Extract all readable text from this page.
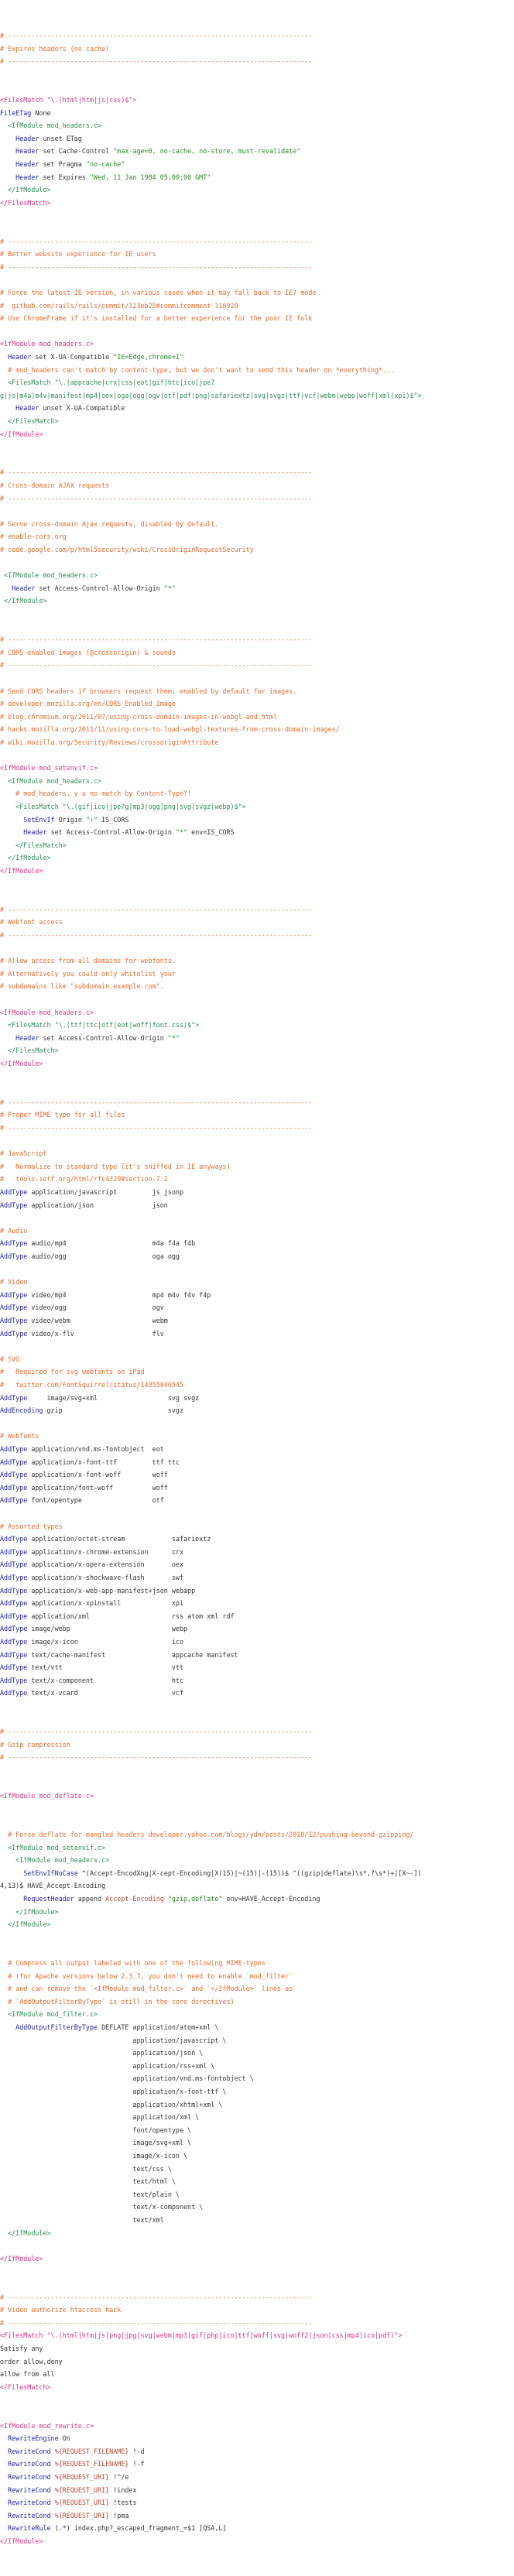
# ------------------------------------------------------------------------------
# Expires headers (no cache)
# ------------------------------------------------------------------------------
<FilesMatch "\.(html|htm|js|css)$">
FileETag None
<IfModule mod_headers.c>
Header unset ETag
Header set Cache-Control "max-age=0, no-cache, no-store, must-revalidate"
Header set Pragma "no-cache"
Header set Expires "Wed, 11 Jan 1984 05:00:00 GMT"
</IfModule>
</FilesMatch>
# ------------------------------------------------------------------------------
# Better website experience for IE users
# ------------------------------------------------------------------------------
# Force the latest IE version, in various cases when it may fall back to IE7 mode
#  github.com/rails/rails/commit/123eb25#commitcomment-118920
# Use ChromeFrame if it's installed for a better experience for the poor IE folk
<IfModule mod_headers.c>
Header set X-UA-Compatible "IE=Edge,chrome=1"
# mod_headers can't match by content-type, but we don't want to send this header on *everything*...
<FilesMatch "\.(appcache|crx|css|eot|gif|htc|ico|jpe?
g|js|m4a|m4v|manifest|mp4|oex|oga|ogg|ogv|otf|pdf|png|safariextz|svg|svgz|ttf|vcf|webm|webp|woff|xml|xpi)$">
Header unset X-UA-Compatible
</FilesMatch>
</IfModule>
# ------------------------------------------------------------------------------
# Cross-domain AJAX requests
# ------------------------------------------------------------------------------
# Serve cross-domain Ajax requests, disabled by default.
# enable-cors.org
# code.google.com/p/html5security/wiki/CrossOriginRequestSecurity
<IfModule mod_headers.c>
Header set Access-Control-Allow-Origin "*"
</IfModule>
# ------------------------------------------------------------------------------
# CORS-enabled images (@crossorigin) & sounds
# ------------------------------------------------------------------------------
# Send CORS headers if browsers request them; enabled by default for images.
# developer.mozilla.org/en/CORS_Enabled_Image
# blog.chromium.org/2011/07/using-cross-domain-images-in-webgl-and.html
# hacks.mozilla.org/2011/11/using-cors-to-load-webgl-textures-from-cross-domain-images/
# wiki.mozilla.org/Security/Reviews/crossoriginAttribute
<IfModule mod_setenvif.c>
<IfModule mod_headers.c>
# mod_headers, y u no match by Content-Type?!
<FilesMatch "\.(gif|ico|jpe?g|mp3|ogg|png|svg|svgz|webp)$">
SetEnvIf Origin ":" IS_CORS
Header set Access-Control-Allow-Origin "*" env=IS_CORS
</FilesMatch>
</IfModule>
</IfModule>
# ------------------------------------------------------------------------------
# Webfont access
# ------------------------------------------------------------------------------
# Allow access from all domains for webfonts.
# Alternatively you could only whitelist your
# subdomains like "subdomain.example.com".
<IfModule mod_headers.c>
<FilesMatch "\.(ttf|ttc|otf|eot|woff|font.css)$">
Header set Access-Control-Allow-Origin "*"
</FilesMatch>
</IfModule>
# ------------------------------------------------------------------------------
# Proper MIME type for all files
# ------------------------------------------------------------------------------
# JavaScript
#   Normalize to standard type (it's sniffed in IE anyways)
#   tools.ietf.org/html/rfc4329#section-7.2
AddType application/javascript         js jsonp
AddType application/json               json
# Audio
AddType audio/mp4                      m4a f4a f4b
AddType audio/ogg                      oga ogg
# Video
AddType video/mp4                      mp4 m4v f4v f4p
AddType video/ogg                      ogv
AddType video/webm                     webm
AddType video/x-flv                    flv
# SVG
#   Required for svg webfonts on iPad
#   twitter.com/FontSquirrel/status/14855840545
AddType     image/svg+xml                  svg svgz
AddEncoding gzip                           svgz
# Webfonts
AddType application/vnd.ms-fontobject  eot
AddType application/x-font-ttf         ttf ttc
AddType application/x-font-woff        woff
AddType application/font-woff          woff
AddType font/opentype                  otf
# Assorted types
AddType application/octet-stream            safariextz
AddType application/x-chrome-extension      crx
AddType application/x-opera-extension       oex
AddType application/x-shockwave-flash       swf
AddType application/x-web-app-manifest+json webapp
AddType application/x-xpinstall             xpi
AddType application/xml                     rss atom xml rdf
AddType image/webp                          webp
AddType image/x-icon                        ico
AddType text/cache-manifest                 appcache manifest
AddType text/vtt                            vtt
AddType text/x-component                    htc
AddType text/x-vcard                        vcf
# ------------------------------------------------------------------------------
# Gzip compression
# ------------------------------------------------------------------------------
<IfModule mod_deflate.c>
# Force deflate for mangled headers developer.yahoo.com/blogs/ydn/posts/2010/12/pushing-beyond-gzipping/
<IfModule mod_setenvif.c>
<IfModule mod_headers.c>
SetEnvIfNoCase ^(Accept-EncodXng|X-cept-Encoding|X(15)|~(15)|-(15))$ ^((gzip|deflate)\s*,?\s*)+|[X~-](
4,13)$ HAVE_Accept-Encoding
RequestHeader append Accept-Encoding "gzip,deflate" env=HAVE_Accept-Encoding
</IfModule>
</IfModule>
# Compress all output labeled with one of the following MIME-types
# (for Apache versions below 2.3.7, you don't need to enable `mod_filter`
# and can remove the `<IfModule mod_filter.c>` and `</IfModule>` lines as
# `AddOutputFilterByType` is still in the core directives)
<IfModule mod_filter.c>
AddOutputFilterByType DEFLATE application/atom+xml \
application/javascript \
application/json \
application/rss+xml \
application/vnd.ms-fontobject \
application/x-font-ttf \
application/xhtml+xml \
application/xml \
font/opentype \
image/svg+xml \
image/x-icon \
text/css \
text/html \
text/plain \
text/x-component \
text/xml
</IfModule>
</IfModule>
# ------------------------------------------------------------------------------
# Video authorize htaccess hack
# ------------------------------------------------------------------------------
<FilesMatch "\.(html|htm|js|png|jpg|svg|webm|mp3|gif|php|ico|ttf|woff|svg|woff2|json|css|mp4|ico|pdf)">
Satisfy any
order allow,deny
allow from all
</FilesMatch>
<IfModule mod_rewrite.c>
RewriteEngine On
RewriteCond %{REQUEST_FILENAME} !-d
RewriteCond %{REQUEST_FILENAME} !-f
RewriteCond %{REQUEST_URI} !^/e
RewriteCond %{REQUEST_URI} !index
RewriteCond %{REQUEST_URI} !tests
RewriteCond %{REQUEST_URI} !pma
RewriteRule (.*) index.php?_escaped_fragment_=$1 [QSA,L]
</IfModule>
